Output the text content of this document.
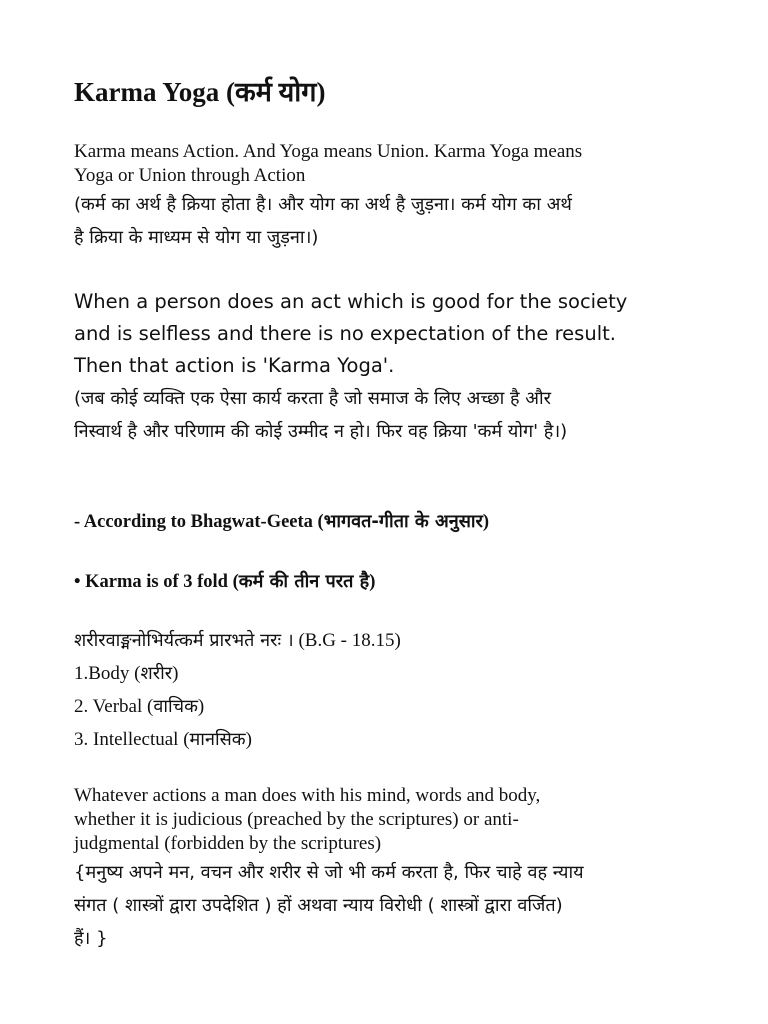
Karma Yoga (कर्म योग)
Karma means Action. And Yoga means Union. Karma Yoga means
Yoga or Union through Action
(कर्म का अर्थ है क्रिया होता है। और योग का अर्थ है जुड़ना। कर्म योग का अर्थ
है क्रिया के माध्यम से योग या जुड़ना।)
When a person does an act which is good for the society
and is selfless and there is no expectation of the result.
Then that action is 'Karma Yoga'.
(जब कोई व्यक्ति एक ऐसा कार्य करता है जो समाज के लिए अच्छा है और
निस्वार्थ है और परिणाम की कोई उम्मीद न हो। फिर वह क्रिया 'कर्म योग' है।)
- According to Bhagwat-Geeta (भागवत-गीता के अनुसार)
• Karma is of 3 fold (कर्म की तीन परत है)
शरीरवाङ्मनोभिर्यत्कर्म प्रारभते नरः । (B.G - 18.15)
1.Body (शरीर)
2. Verbal (वाचिक)
3. Intellectual (मानसिक)
Whatever actions a man does with his mind, words and body,
whether it is judicious (preached by the scriptures) or anti-
judgmental (forbidden by the scriptures)
{मनुष्य अपने मन, वचन और शरीर से जो भी कर्म करता है, फिर चाहे वह न्याय
संगत ( शास्त्रों द्वारा उपदेशित ) हों अथवा न्याय विरोधी ( शास्त्रों द्वारा वर्जित)
हैं। }
